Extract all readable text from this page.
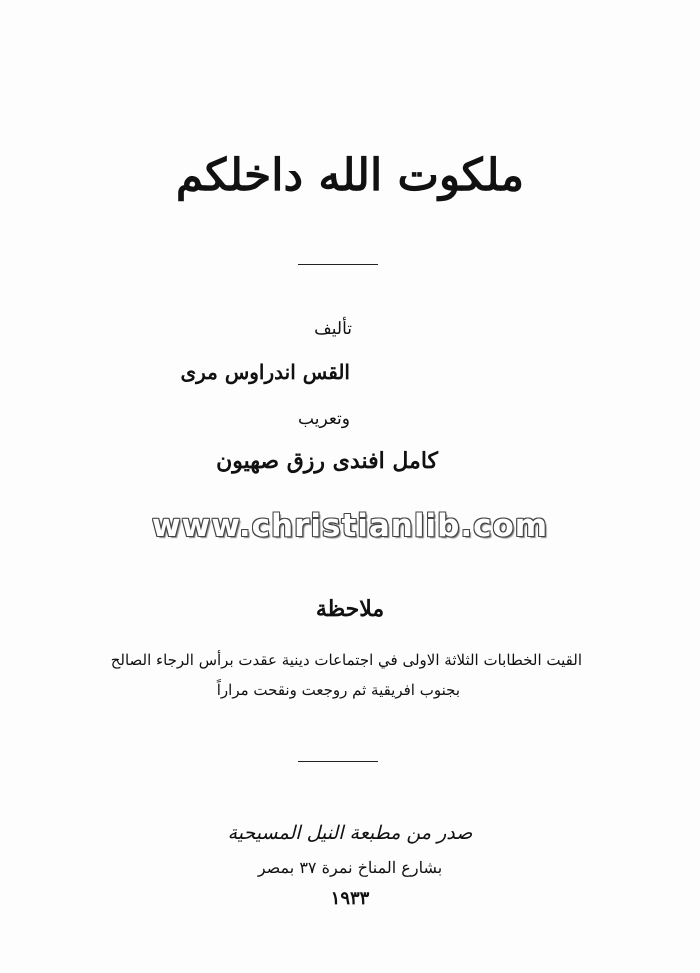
ملكوت الله داخلكم
تأليف
القس اندراوس مرى
وتعريب
كامل افندى رزق صهيون
www.christianlib.com
ملاحظة
القيت الخطابات الثلاثة الاولى في اجتماعات دينية عقدت برأس الرجاء الصالح
بجنوب افريقية ثم روجعت ونقحت مراراً
صدر من مطبعة النيل المسيحية
بشارع المناخ نمرة ٣٧ بمصر
١٩٣٣
